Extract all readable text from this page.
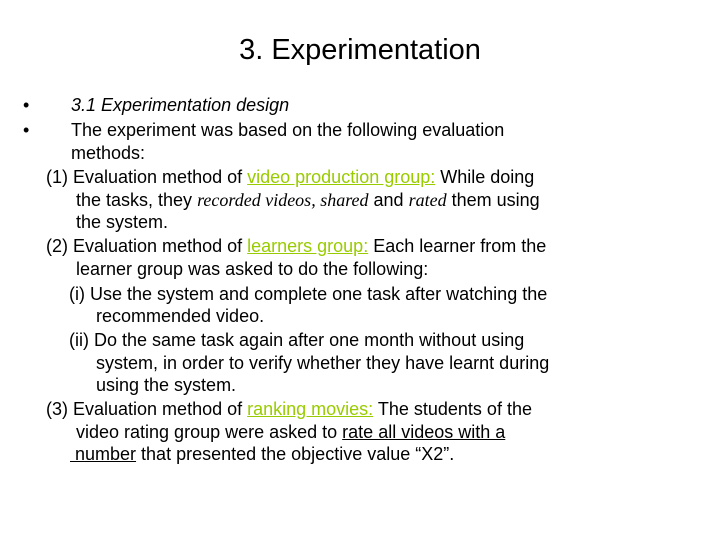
3. Experimentation
• 3.1 Experimentation design
• The experiment was based on the following evaluation
methods:
(1) Evaluation method of video production group: While doing
the tasks, they recorded videos, shared and rated them using
the system.
(2) Evaluation method of learners group: Each learner from the
learner group was asked to do the following:
(i) Use the system and complete one task after watching the
recommended video.
(ii) Do the same task again after one month without using
system, in order to verify whether they have learnt during
using the system.
(3) Evaluation method of ranking movies: The students of the
video rating group were asked to rate all videos with a
number that presented the objective value “X2”.
